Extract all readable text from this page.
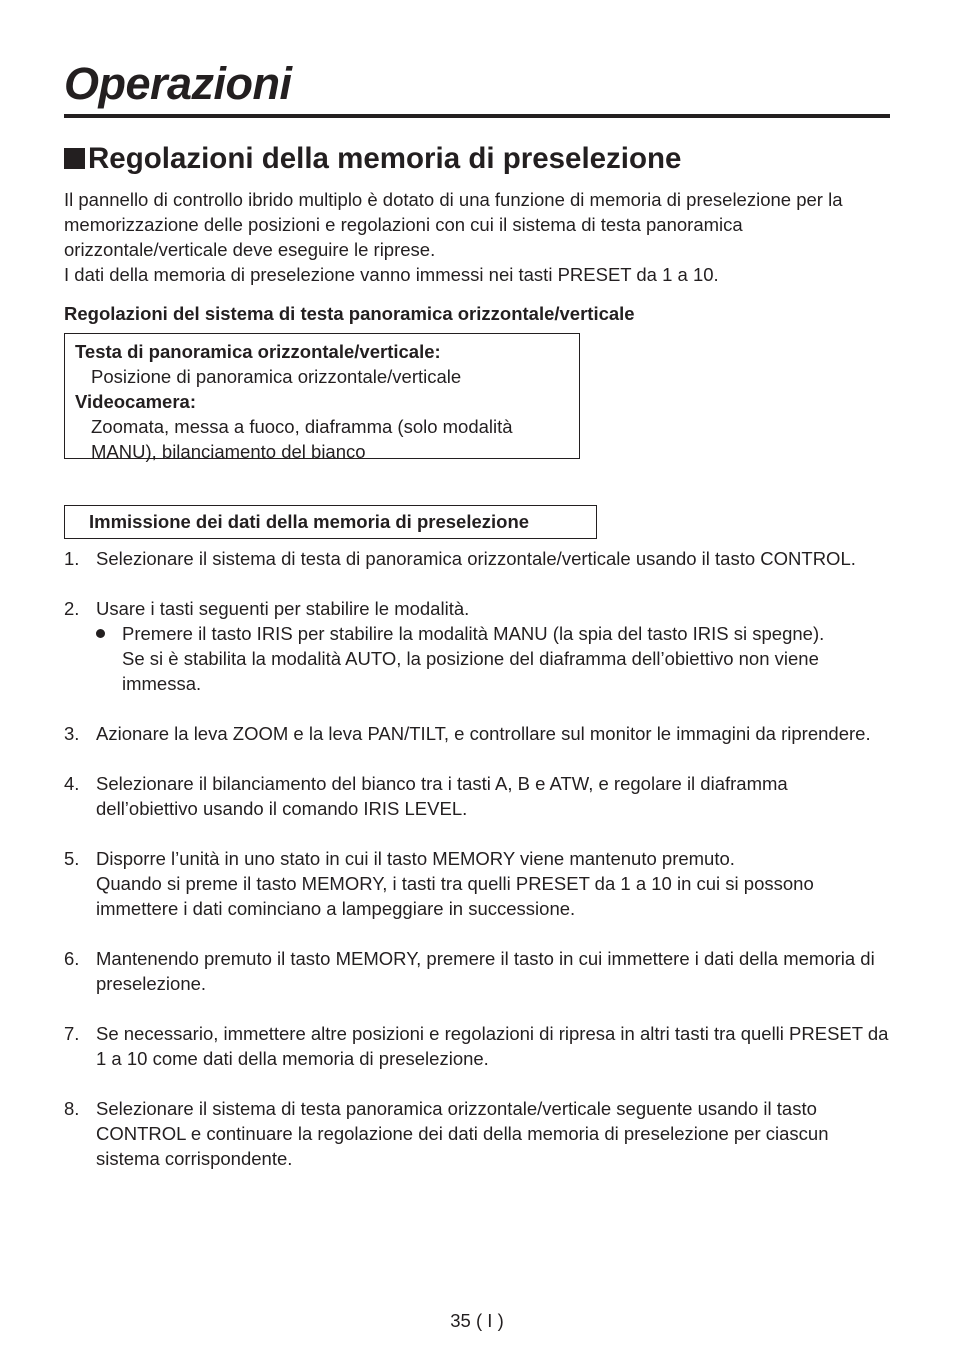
Operazioni
Regolazioni della memoria di preselezione

Il pannello di controllo ibrido multiplo è dotato di una funzione di memoria di preselezione per la memorizzazione delle posizioni e regolazioni con cui il sistema di testa panoramica orizzontale/verticale deve eseguire le riprese.

I dati della memoria di preselezione vanno immessi nei tasti PRESET da 1 a 10.

Regolazioni del sistema di testa panoramica orizzontale/verticale

Testa di panoramica orizzontale/verticale:
Posizione di panoramica orizzontale/verticale
Videocamera:
Zoomata, messa a fuoco, diaframma (solo modalità MANU), bilanciamento del bianco
Immissione dei dati della memoria di preselezione
1. Selezionare il sistema di testa di panoramica orizzontale/verticale usando il tasto CONTROL.
2. Usare i tasti seguenti per stabilire le modalità.
Premere il tasto IRIS per stabilire la modalità MANU (la spia del tasto IRIS si spegne).
Se si è stabilita la modalità AUTO, la posizione del diaframma dell’obiettivo non viene immessa.
3. Azionare la leva ZOOM e la leva PAN/TILT, e controllare sul monitor le immagini da riprendere.
4. Selezionare il bilanciamento del bianco tra i tasti A, B e ATW, e regolare il diaframma dell’obiettivo usando il comando IRIS LEVEL.
5. Disporre l’unità in uno stato in cui il tasto MEMORY viene mantenuto premuto.
Quando si preme il tasto MEMORY, i tasti tra quelli PRESET da 1 a 10 in cui si possono immettere i dati cominciano a lampeggiare in successione.
6. Mantenendo premuto il tasto MEMORY, premere il tasto in cui immettere i dati della memoria di preselezione.
7. Se necessario, immettere altre posizioni e regolazioni di ripresa in altri tasti tra quelli PRESET da 1 a 10 come dati della memoria di preselezione.
8. Selezionare il sistema di testa panoramica orizzontale/verticale seguente usando il tasto CONTROL e continuare la regolazione dei dati della memoria di preselezione per ciascun sistema corrispondente.
35 ( I )
